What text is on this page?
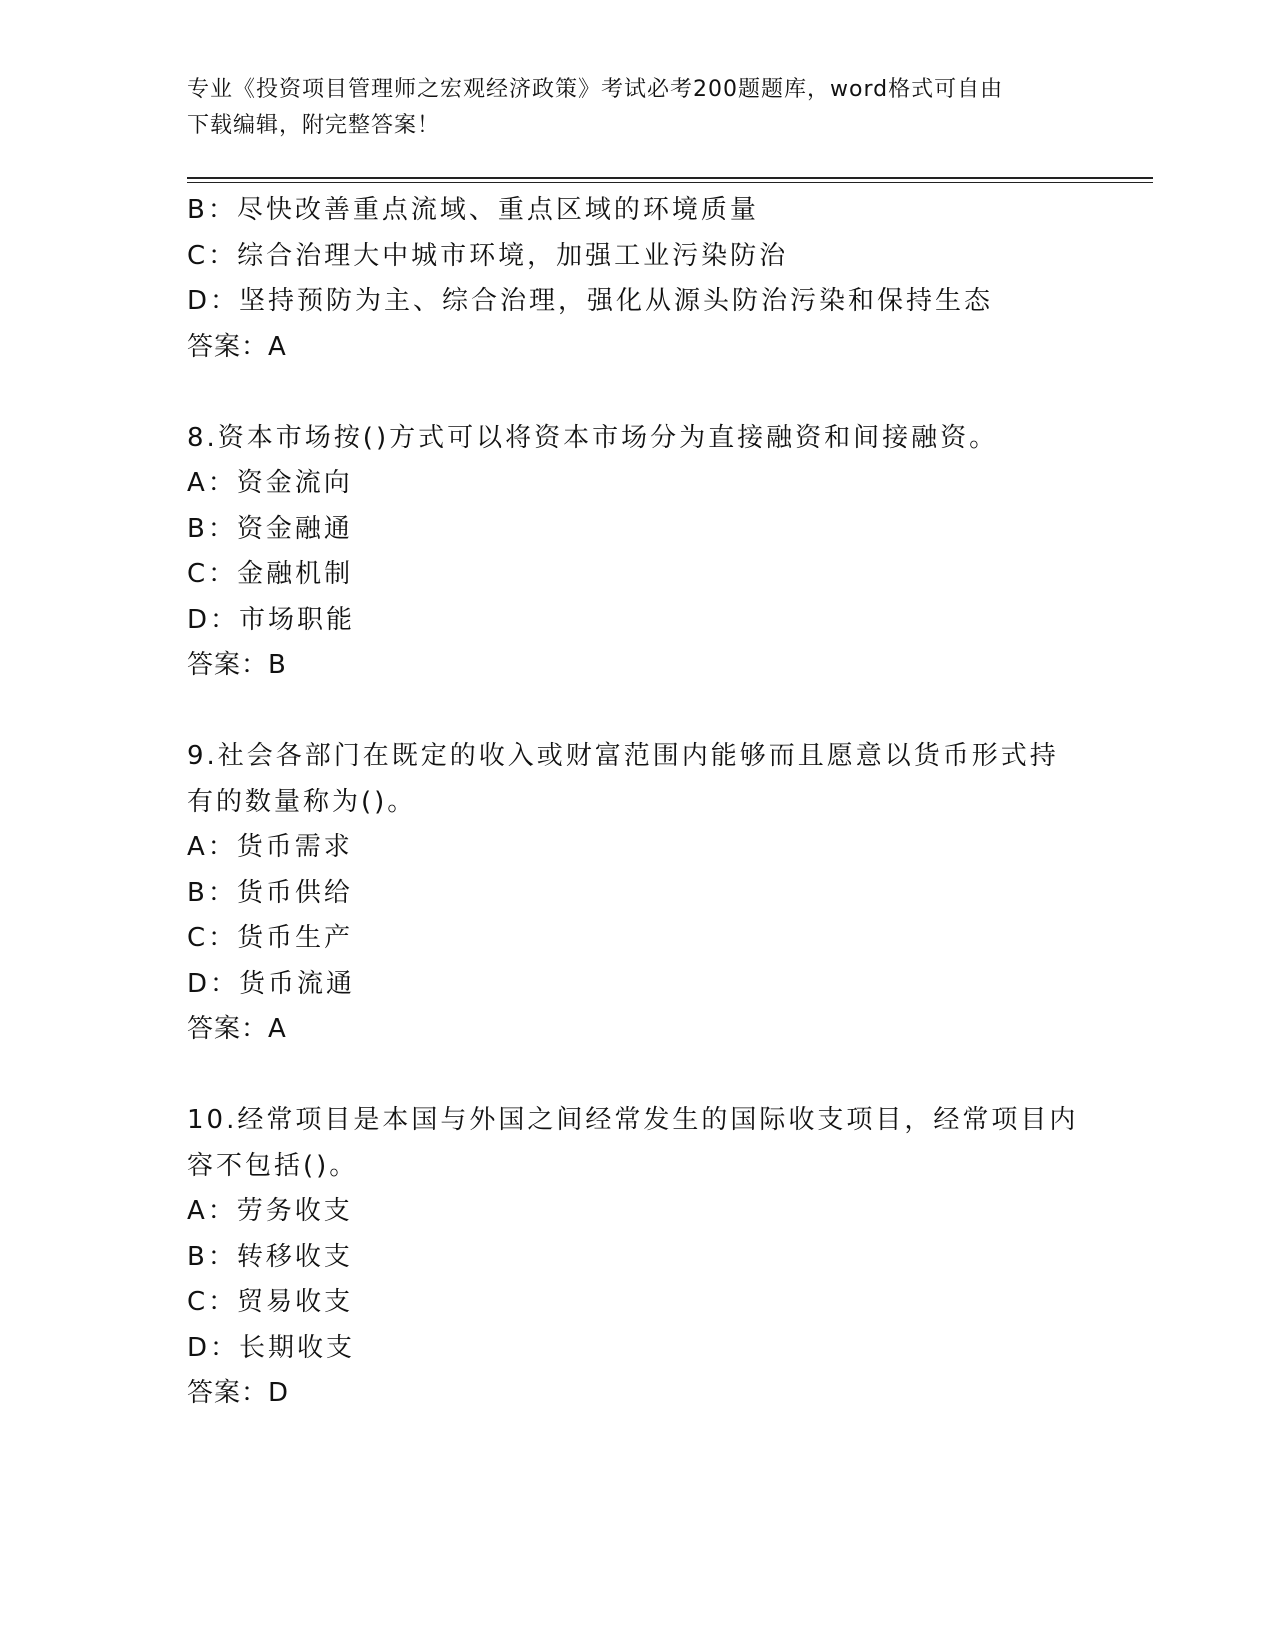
专业《投资项目管理师之宏观经济政策》考试必考200题题库，word格式可自由
下载编辑，附完整答案！
B：尽快改善重点流域、重点区域的环境质量
C：综合治理大中城市环境，加强工业污染防治
D：坚持预防为主、综合治理，强化从源头防治污染和保持生态
答案：A
8.资本市场按()方式可以将资本市场分为直接融资和间接融资。
A：资金流向
B：资金融通
C：金融机制
D：市场职能
答案：B
9.社会各部门在既定的收入或财富范围内能够而且愿意以货币形式持
有的数量称为()。
A：货币需求
B：货币供给
C：货币生产
D：货币流通
答案：A
10.经常项目是本国与外国之间经常发生的国际收支项目，经常项目内
容不包括()。
A：劳务收支
B：转移收支
C：贸易收支
D：长期收支
答案：D
